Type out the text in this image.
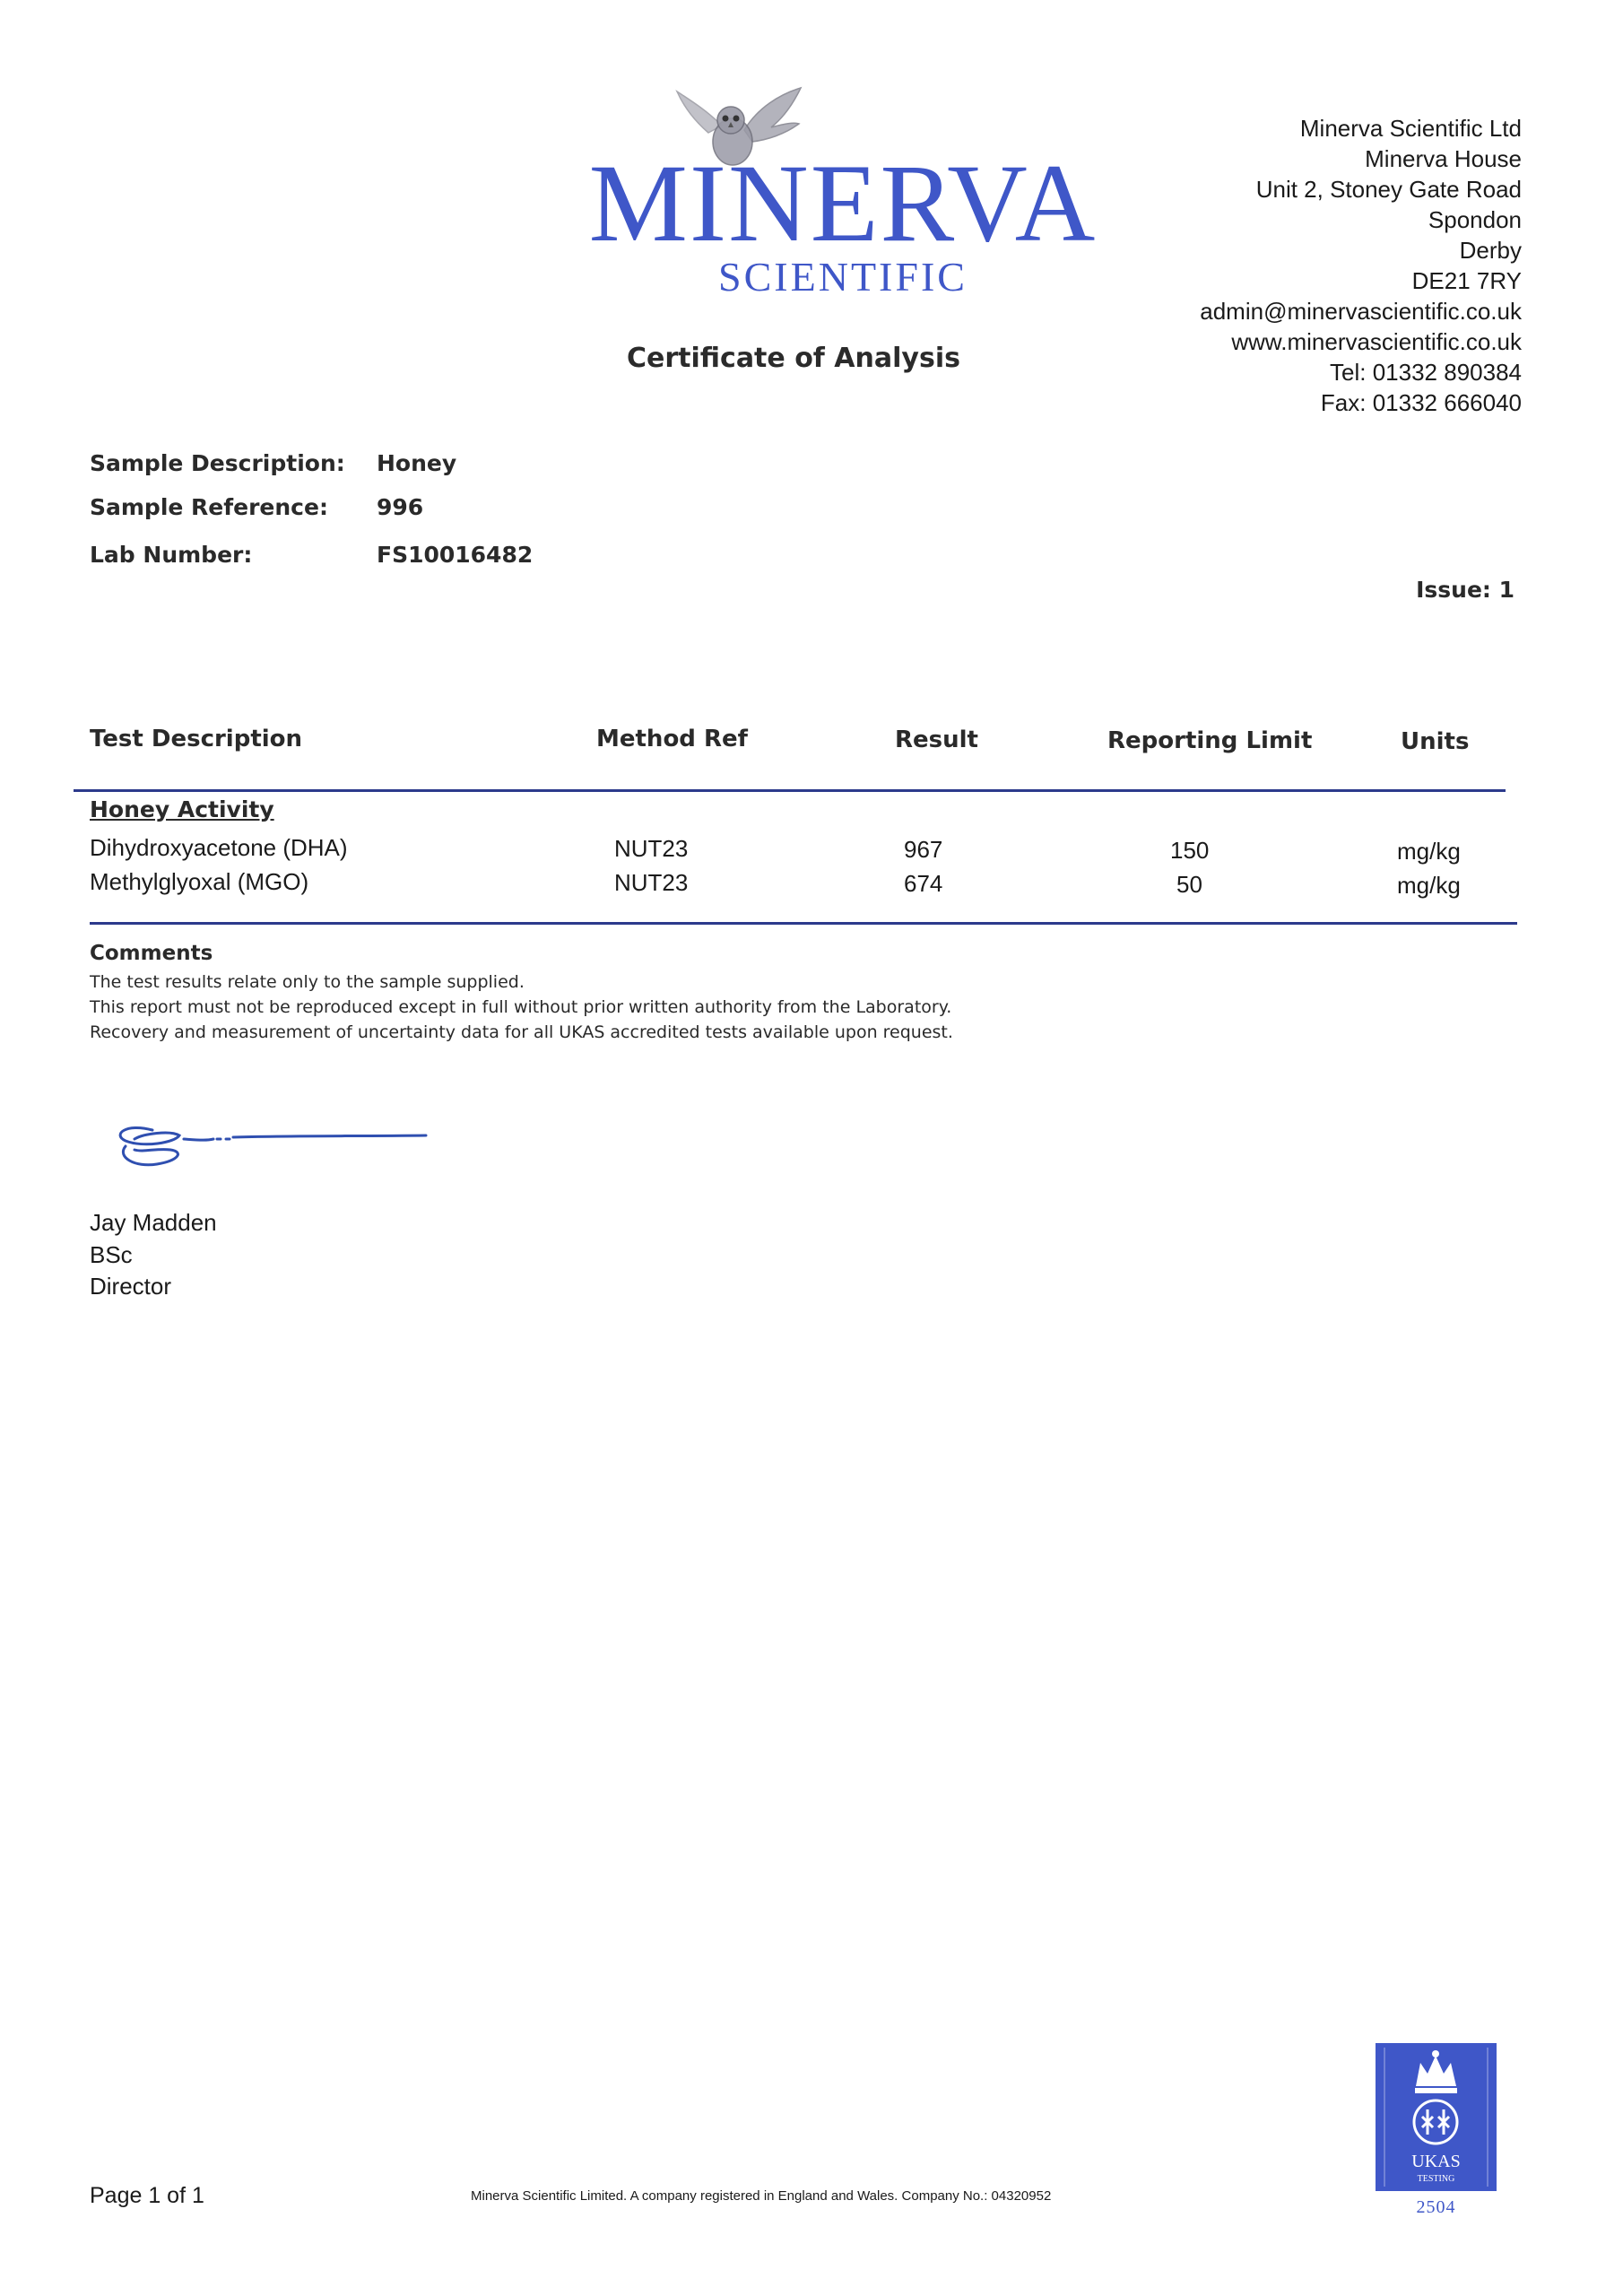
MINERVA
SCIENTIFIC
Certificate of Analysis
Minerva Scientific Ltd
Minerva House
Unit 2, Stoney Gate Road
Spondon
Derby
DE21 7RY
admin@minervascientific.co.uk
www.minervascientific.co.uk
Tel: 01332 890384
Fax: 01332 666040
Sample Description: Honey
Sample Reference: 996
Lab Number:	FS10016482
Issue: 1
Test Description	Method Ref	Result	Reporting Limit	Units
Honey Activity
Dihydroxyacetone (DHA)	NUT23	967	150	mg/kg
Methylglyoxal (MGO)	NUT23	674	50	mg/kg
Comments
The test results relate only to the sample supplied.
This report must not be reproduced except in full without prior written authority from the Laboratory.
Recovery and measurement of uncertainty data for all UKAS accredited tests available upon request.
Jay Madden
BSc
Director
Page 1 of 1	Minerva Scientific Limited. A company registered in England and Wales. Company No.: 04320952
UKAS
TESTING
2504
